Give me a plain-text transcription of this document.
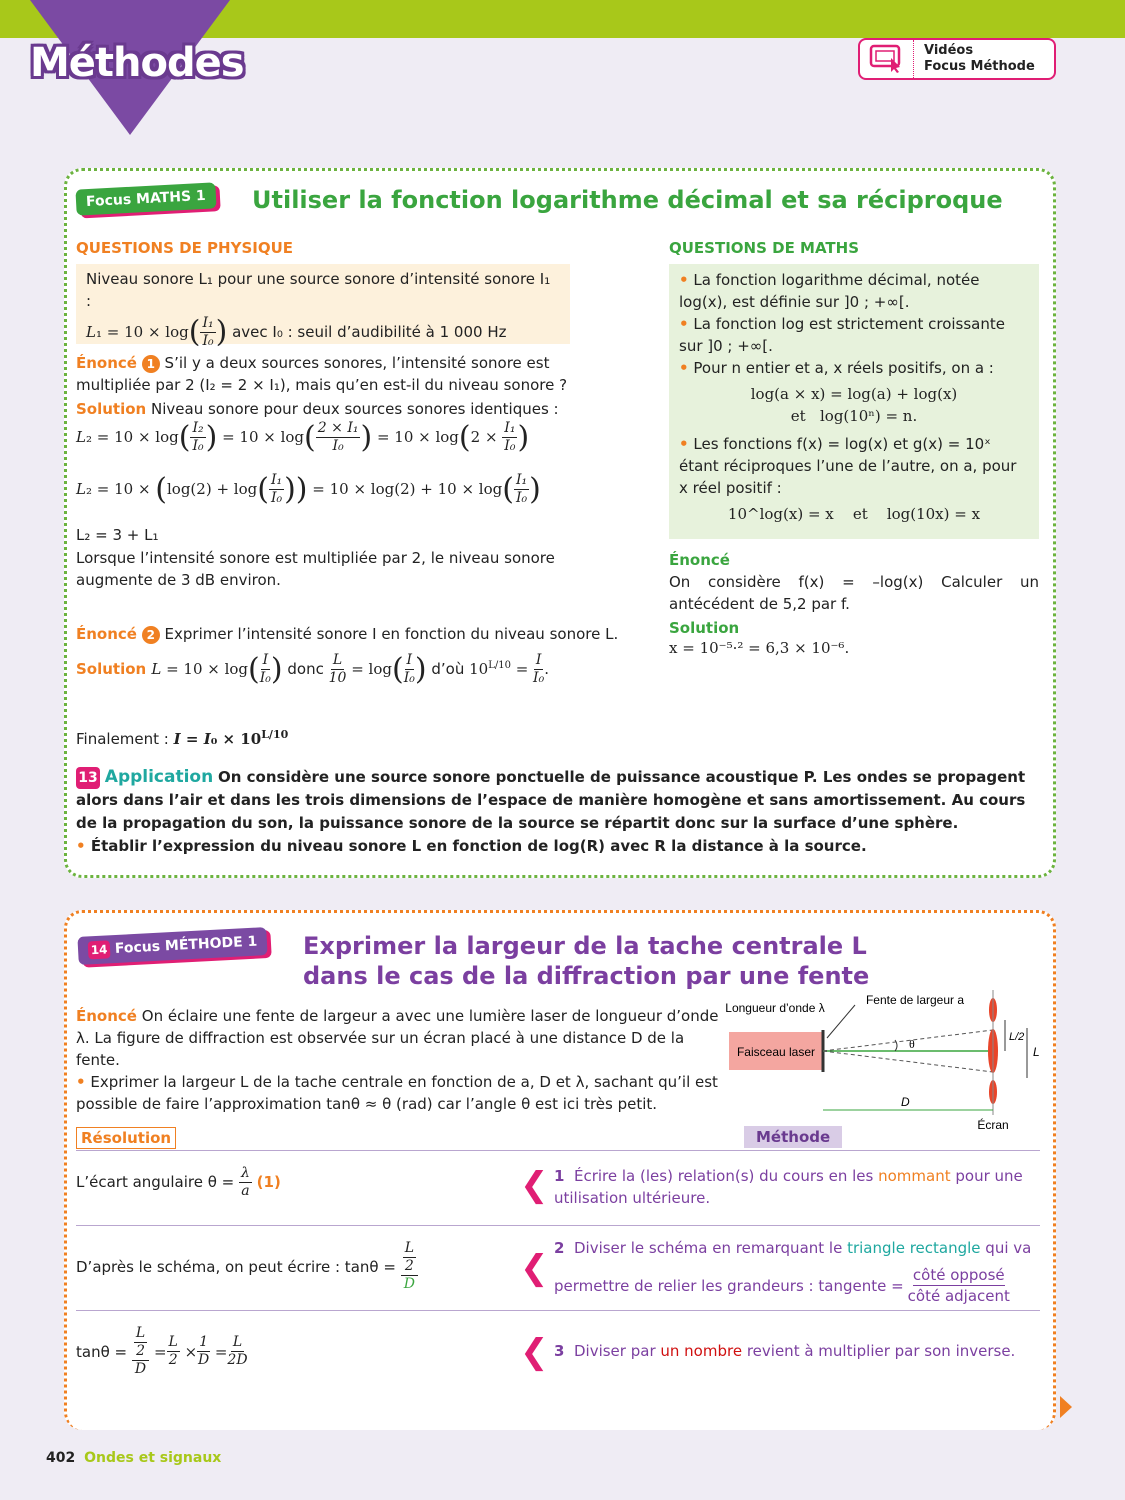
Méthodes	Vidéos
Focus Méthode
Focus MATHS 1	Utiliser la fonction logarithme décimal et sa réciproque
QUESTIONS DE PHYSIQUE	QUESTIONS DE MATHS
Niveau sonore L₁ pour une source sonore d’intensité sonore I₁ :
$L_1 = 10 \times \log( \frac{\text{I₁}}{\text{I₀}}$ ) avec I₀ : seuil d’audibilité à 1 000 Hz
Énoncé 1 S’il y a deux sources sonores, l’intensité sonore est multipliée par 2 (I₂ = 2 × I₁), mais qu’en est-il du niveau sonore ?
Solution Niveau sonore pour deux sources sonores identiques :
$L_2 = 10 \times \log( \frac{\text{I₂}}{\text{I₀}}$ ) = $10 \times \log( \frac{\text{2 × I₁}}{\text{I₀}}$ ) = $10 \times \log(2 \times \frac{\text{I₁}}{\text{I₀}}$ )
$L_2 = 10 \times (\log(2) + \log( \frac{\text{I₁}}{\text{I₀}}$ )) = $10 \times \log(2) + 10 \times \log( \frac{\text{I₁}}{\text{I₀}}$ )
L₂ = 3 + L₁
Lorsque l’intensité sonore est multipliée par 2, le niveau sonore augmente de 3 dB environ.
Énoncé 2 Exprimer l’intensité sonore I en fonction du niveau sonore L.
Solution $L = 10 \times \log( \frac{I}{\text{I₀}}$ ) donc $\frac{L}{10} = \log( \frac{I}{\text{I₀}}$ ) d’où $10^{L/10} = \frac{I}{\text{I₀}}$ .
Finalement : $I = I_0 \times 10^{L/10}$
• La fonction logarithme décimal, notée log(x), est définie sur ]0 ; +∞[.
• La fonction log est strictement croissante sur ]0 ; +∞[.
• Pour n entier et a, x réels positifs, on a :
log(a × x) = log(a) + log(x)
et log(10ⁿ) = n.
• Les fonctions f(x) = log(x) et g(x) = 10ˣ étant réciproques l’une de l’autre, on a, pour x réel positif :
10^log(x) = x    et    log(10x) = x
Énoncé
On considère f(x) = –log(x) Calculer un antécédent de 5,2 par f.
Solution
x = 10⁻⁵·² = 6,3 × 10⁻⁶.
13 Application On considère une source sonore ponctuelle de puissance acoustique P. Les ondes se propagent alors dans l’air et dans les trois dimensions de l’espace de manière homogène et sans amortissement. Au cours de la propagation du son, la puissance sonore de la source se répartit donc sur la surface d’une sphère.
• Établir l’expression du niveau sonore L en fonction de log(R) avec R la distance à la source.
14 Focus MÉTHODE 1	Exprimer la largeur de la tache centrale L
dans le cas de la diffraction par une fente
Énoncé On éclaire une fente de largeur a avec une lumière laser de longueur d’onde λ. La figure de diffraction est observée sur un écran placé à une distance D de la fente.
• Exprimer la largeur L de la tache centrale en fonction de a, D et λ, sachant qu’il est possible de faire l’approximation tanθ ≈ θ (rad) car l’angle θ est ici très petit.
Longueur d’onde λ
Fente de largeur a
Faisceau laser
θ
D
Écran
L
L/2
Résolution	Méthode
L’écart angulaire $\theta = \frac{\lambda}{a} (1)$	❮ 1 Écrire la (les) relation(s) du cours en les nommant pour une utilisation ultérieure.
D’après le schéma, on peut écrire : tanθ =
$\frac{\frac{L}{2}}{D}$	❮ 2 Diviser le schéma en remarquant le triangle rectangle qui va
permettre de relier les grandeurs : tangente =
côté opposé
côté adjacent
tanθ =
$\frac{\frac{L}{2}}{D} = \frac{L}{2} \times \frac{1}{D} = \frac{L}{2D}$	❮ 3 Diviser par un nombre revient à multiplier par son inverse.
402 Ondes et signaux
